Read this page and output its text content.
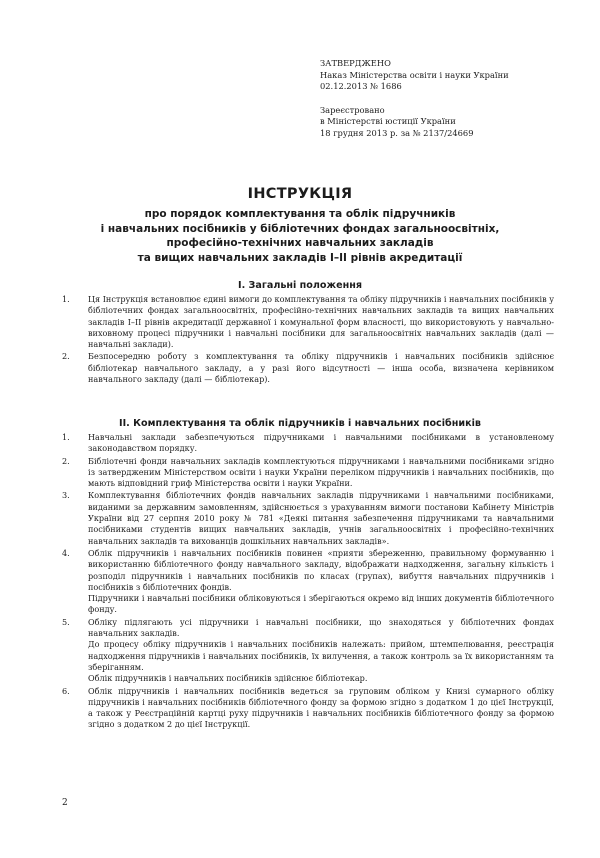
ЗАТВЕРДЖЕНО

Наказ Міністерства освіти і науки України

02.12.2013 № 1686

Зареєстровано

в Міністерстві юстиції України

18 грудня 2013 р. за № 2137/24669

ІНСТРУКЦІЯ
про порядок комплектування та облік підручників
і навчальних посібників у бібліотечних фондах загальноосвітніх,
професійно-технічних навчальних закладів
та вищих навчальних закладів I–II рівнів акредитації
I. Загальні положення
1. Ця Інструкція встановлює єдині вимоги до комплектування та обліку підручників і навчальних посібників у бібліотечних фондах загальноосвітніх, професійно-технічних навчальних закладів та вищих навчальних закладів I–II рівнів акредитації державної і комунальної форм власності, що використовують у навчально-виховному процесі підручники і навчальні посібники для загальноосвітніх навчальних закладів (далі — навчальні заклади).

2. Безпосередню роботу з комплектування та обліку підручників і навчальних посібників здійснює бібліотекар навчального закладу, а у разі його відсутності — інша особа, визначена керівником навчального закладу (далі — бібліотекар).

II. Комплектування та облік підручників і навчальних посібників
1. Навчальні заклади забезпечуються підручниками і навчальними посібниками в установленому законодавством порядку.

2. Бібліотечні фонди навчальних закладів комплектуються підручниками і навчальними посібниками згідно із затвердженим Міністерством освіти і науки України переліком підручників і навчальних посібників, що мають відповідний гриф Міністерства освіти і науки України.

3. Комплектування бібліотечних фондів навчальних закладів підручниками і навчальними посібниками, виданими за державним замовленням, здійснюється з урахуванням вимоги постанови Кабінету Міністрів України від 27 серпня 2010 року № 781 «Деякі питання забезпечення підручниками та навчальними посібниками студентів вищих навчальних закладів, учнів загальноосвітніх і професійно-технічних навчальних закладів та вихованців дошкільних навчальних закладів».

4. Облік підручників і навчальних посібників повинен «прияти збереженню, правильному формуванню і використанню бібліотечного фонду навчального закладу, відображати надходження, загальну кількість і розподіл підручників і навчальних посібників по класах (групах), вибуття навчальних підручників і посібників з бібліотечних фондів.

Підручники і навчальні посібники обліковуються і зберігаються окремо від інших документів бібліотечного фонду.

5. Обліку підлягають усі підручники і навчальні посібники, що знаходяться у бібліотечних фондах навчальних закладів.

До процесу обліку підручників і навчальних посібників належать: прийом, штемпелювання, реєстрація надходження підручників і навчальних посібників, їх вилучення, а також контроль за їх використанням та зберіганням.

Облік підручників і навчальних посібників здійснює бібліотекар.

6. Облік підручників і навчальних посібників ведеться за груповим обліком у Книзі сумарного обліку підручників і навчальних посібників бібліотечного фонду за формою згідно з додатком 1 до цієї Інструкції, а також у Реєстраційній картці руху підручників і навчальних посібників бібліотечного фонду за формою згідно з додатком 2 до цієї Інструкції.

2
